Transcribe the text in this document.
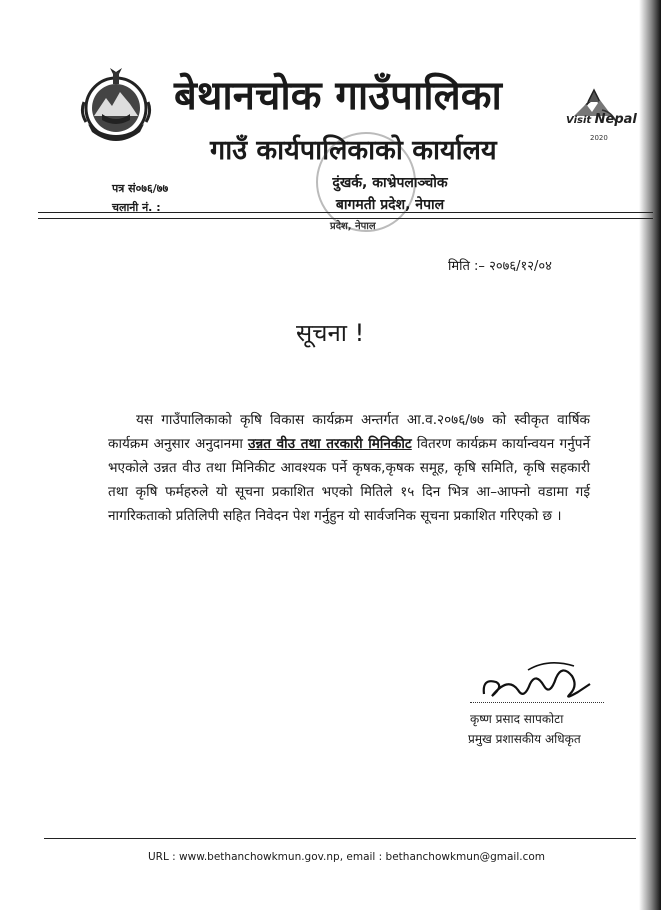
बेथानचोक गाउँपालिका
गाउँ कार्यपालिकाको कार्यालय
Visit Nepal
2020
पत्र सं०७६/७७
चलानी नं. :
दुंखर्क, काभ्रेपलाञ्चोक
बागमती प्रदेश, नेपाल
प्रदेश, नेपाल
मिति :– २०७६/१२/०४
सूचना !

यस गाउँपालिकाको कृषि विकास कार्यक्रम अन्तर्गत आ.व.२०७६/७७ को स्वीकृत वार्षिक कार्यक्रम अनुसार अनुदानमा उन्नत वीउ तथा तरकारी मिनिकीट वितरण कार्यक्रम कार्यान्वयन गर्नुपर्ने भएकोले उन्नत वीउ तथा मिनिकीट आवश्यक पर्ने कृषक,कृषक समूह, कृषि समिति, कृषि सहकारी तथा कृषि फर्महरुले यो सूचना प्रकाशित भएको मितिले १५ दिन भित्र आ–आफ्नो वडामा गई नागरिकताको प्रतिलिपी सहित निवेदन पेश गर्नुहुन यो सार्वजनिक सूचना प्रकाशित गरिएको छ ।

कृष्ण प्रसाद सापकोटा
प्रमुख प्रशासकीय अधिकृत
URL : www.bethanchowkmun.gov.np, email : bethanchowkmun@gmail.com
